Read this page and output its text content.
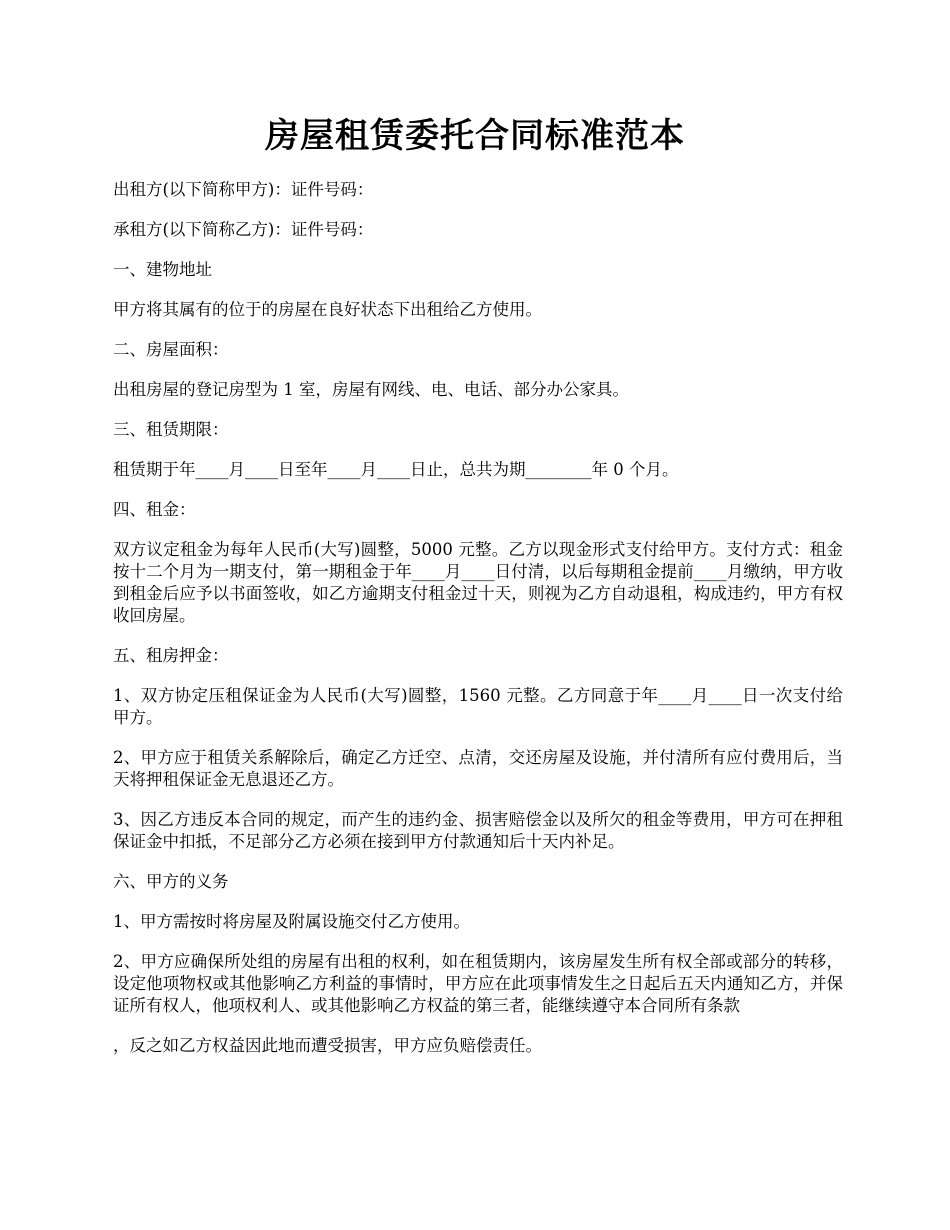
房屋租赁委托合同标准范本

出租方(以下简称甲方)：证件号码：

承租方(以下简称乙方)：证件号码：

一、建物地址

甲方将其属有的位于的房屋在良好状态下出租给乙方使用。

二、房屋面积：

出租房屋的登记房型为 1 室，房屋有网线、电、电话、部分办公家具。

三、租赁期限：

租赁期于年____月____日至年____月____日止，总共为期________年 0 个月。

四、租金：

双方议定租金为每年人民币(大写)圆整，5000 元整。乙方以现金形式支付给甲方。支付方式：租金按十二个月为一期支付，第一期租金于年____月____日付清，以后每期租金提前____月缴纳，甲方收到租金后应予以书面签收，如乙方逾期支付租金过十天，则视为乙方自动退租，构成违约，甲方有权收回房屋。

五、租房押金：

1、双方协定压租保证金为人民币(大写)圆整，1560 元整。乙方同意于年____月____日一次支付给甲方。

2、甲方应于租赁关系解除后，确定乙方迁空、点清，交还房屋及设施，并付清所有应付费用后，当天将押租保证金无息退还乙方。

3、因乙方违反本合同的规定，而产生的违约金、损害赔偿金以及所欠的租金等费用，甲方可在押租保证金中扣抵，不足部分乙方必须在接到甲方付款通知后十天内补足。

六、甲方的义务

1、甲方需按时将房屋及附属设施交付乙方使用。

2、甲方应确保所处组的房屋有出租的权利，如在租赁期内，该房屋发生所有权全部或部分的转移，设定他项物权或其他影响乙方利益的事情时，甲方应在此项事情发生之日起后五天内通知乙方，并保证所有权人，他项权利人、或其他影响乙方权益的第三者，能继续遵守本合同所有条款

，反之如乙方权益因此地而遭受损害，甲方应负赔偿责任。
